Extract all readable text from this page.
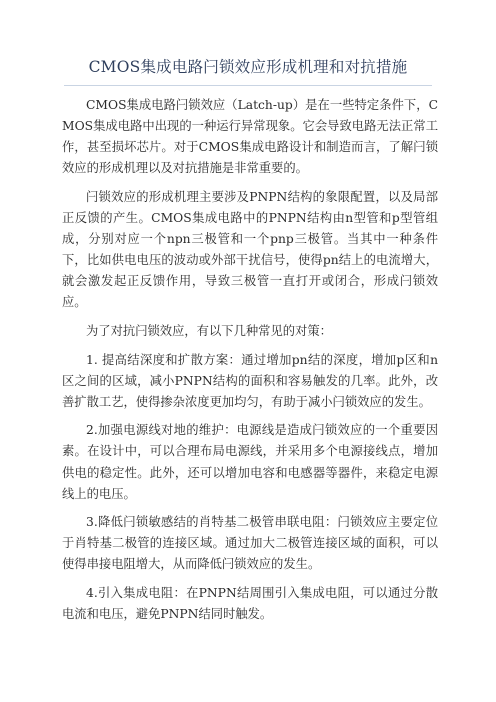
CMOS集成电路闩锁效应形成机理和对抗措施

CMOS集成电路闩锁效应（Latch-up）是在一些特定条件下，CMOS集成电路中出现的一种运行异常现象。它会导致电路无法正常工作，甚至损坏芯片。对于CMOS集成电路设计和制造而言，了解闩锁效应的形成机理以及对抗措施是非常重要的。

闩锁效应的形成机理主要涉及PNPN结构的象限配置，以及局部正反馈的产生。CMOS集成电路中的PNPN结构由n型管和p型管组成，分别对应一个npn三极管和一个pnp三极管。当其中一种条件下，比如供电电压的波动或外部干扰信号，使得pn结上的电流增大，就会激发起正反馈作用，导致三极管一直打开或闭合，形成闩锁效应。

为了对抗闩锁效应，有以下几种常见的对策：

1. 提高结深度和扩散方案：通过增加pn结的深度，增加p区和n区之间的区域，减小PNPN结构的面积和容易触发的几率。此外，改善扩散工艺，使得掺杂浓度更加均匀，有助于减小闩锁效应的发生。

2.加强电源线对地的维护：电源线是造成闩锁效应的一个重要因素。在设计中，可以合理布局电源线，并采用多个电源接线点，增加供电的稳定性。此外，还可以增加电容和电感器等器件，来稳定电源线上的电压。

3.降低闩锁敏感结的肖特基二极管串联电阻：闩锁效应主要定位于肖特基二极管的连接区域。通过加大二极管连接区域的面积，可以使得串接电阻增大，从而降低闩锁效应的发生。

4.引入集成电阻：在PNPN结周围引入集成电阻，可以通过分散电流和电压，避免PNPN结同时触发。
